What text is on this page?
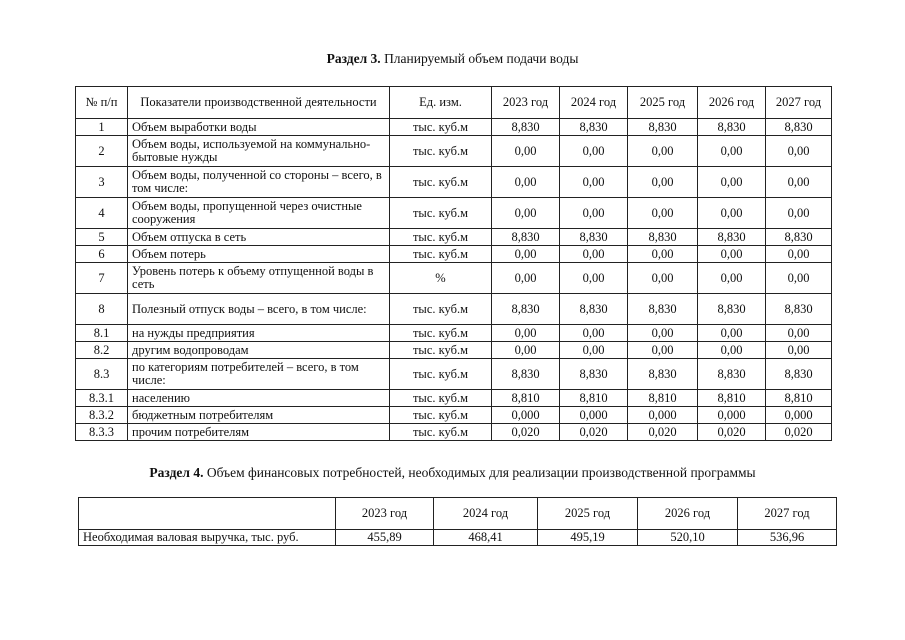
Раздел 3. Планируемый объем подачи воды
№ п/п	Показатели производственной деятельности	Ед. изм.	2023 год	2024 год	2025 год	2026 год	2027 год
1	Объем выработки воды	тыс. куб.м	8,830	8,830	8,830	8,830	8,830
2	Объем воды, используемой на коммунально-бытовые нужды	тыс. куб.м	0,00	0,00	0,00	0,00	0,00
3	Объем воды, полученной со стороны – всего, в том числе:	тыс. куб.м	0,00	0,00	0,00	0,00	0,00
4	Объем воды, пропущенной через очистные сооружения	тыс. куб.м	0,00	0,00	0,00	0,00	0,00
5	Объем отпуска в сеть	тыс. куб.м	8,830	8,830	8,830	8,830	8,830
6	Объем потерь	тыс. куб.м	0,00	0,00	0,00	0,00	0,00
7	Уровень потерь к объему отпущенной воды в сеть	%	0,00	0,00	0,00	0,00	0,00
8	Полезный отпуск воды – всего, в том числе:	тыс. куб.м	8,830	8,830	8,830	8,830	8,830
8.1	на нужды предприятия	тыс. куб.м	0,00	0,00	0,00	0,00	0,00
8.2	другим водопроводам	тыс. куб.м	0,00	0,00	0,00	0,00	0,00
8.3	по категориям потребителей – всего, в том числе:	тыс. куб.м	8,830	8,830	8,830	8,830	8,830
8.3.1	населению	тыс. куб.м	8,810	8,810	8,810	8,810	8,810
8.3.2	бюджетным потребителям	тыс. куб.м	0,000	0,000	0,000	0,000	0,000
8.3.3	прочим потребителям	тыс. куб.м	0,020	0,020	0,020	0,020	0,020
Раздел 4. Объем финансовых потребностей, необходимых для реализации производственной программы
	2023 год	2024 год	2025 год	2026 год	2027 год
Необходимая валовая выручка, тыс. руб.	455,89	468,41	495,19	520,10	536,96
